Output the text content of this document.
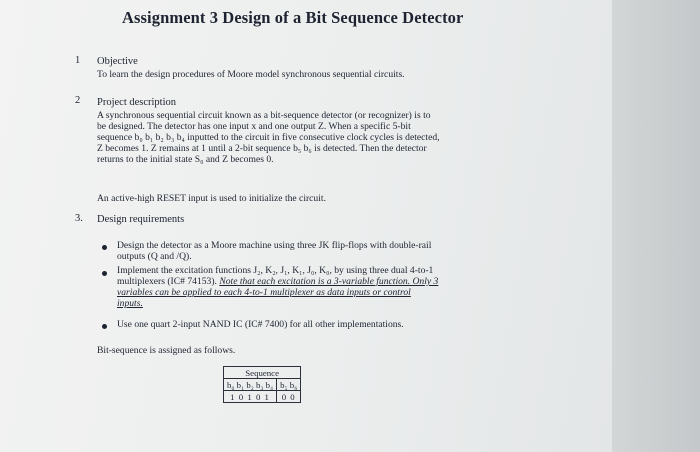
Assignment 3 Design of a Bit Sequence Detector
1 Objective
To learn the design procedures of Moore model synchronous sequential circuits.
2 Project description
A synchronous sequential circuit known as a bit-sequence detector (or recognizer) is to
be designed. The detector has one input x and one output Z. When a specific 5-bit
sequence b₀ b₁ b₂ b₃ b₄ inputted to the circuit in five consecutive clock cycles is detected,
Z becomes 1. Z remains at 1 until a 2-bit sequence b₅ b₆ is detected. Then the detector
returns to the initial state S₀ and Z becomes 0.
An active-high RESET input is used to initialize the circuit.
3. Design requirements
Design the detector as a Moore machine using three JK flip-flops with double-rail
outputs (Q and /Q).
Implement the excitation functions J₂, K₂, J₁, K₁, J₀, K₀, by using three dual 4-to-1
multiplexers (IC# 74153). Note that each excitation is a 3-variable function. Only 3
variables can be applied to each 4-to-1 multiplexer as data inputs or control
inputs.
Use one quart 2-input NAND IC (IC# 7400) for all other implementations.
Bit-sequence is assigned as follows.
Sequence	
b₀ b₁ b₂ b₃ b₄	b₅ b₆
1 0 1 0 1	0 0
